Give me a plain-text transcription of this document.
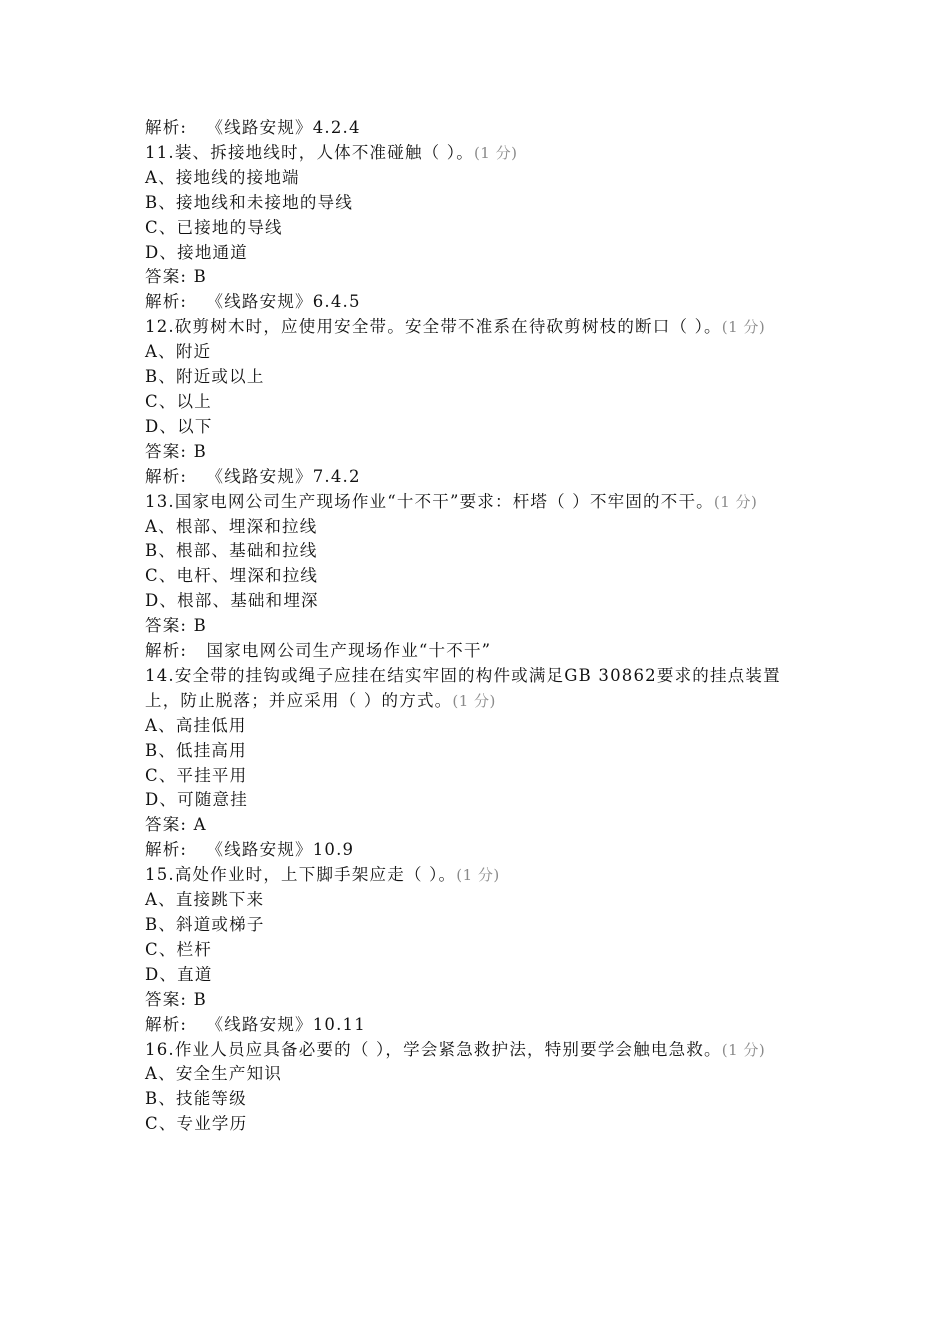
解析: 《线路安规》4.2.4
11.装、拆接地线时，人体不准碰触（ ）。(1 分)
A、接地线的接地端
B、接地线和未接地的导线
C、已接地的导线
D、接地通道
答案: B
解析: 《线路安规》6.4.5
12.砍剪树木时，应使用安全带。安全带不准系在待砍剪树枝的断口（ ）。(1 分)
A、附近
B、附近或以上
C、以上
D、以下
答案: B
解析: 《线路安规》7.4.2
13.国家电网公司生产现场作业“十不干”要求：杆塔（ ）不牢固的不干。(1 分)
A、根部、埋深和拉线
B、根部、基础和拉线
C、电杆、埋深和拉线
D、根部、基础和埋深
答案: B
解析: 国家电网公司生产现场作业“十不干”
14.安全带的挂钩或绳子应挂在结实牢固的构件或满足GB 30862要求的挂点装置上，防止脱落；并应采用（ ）的方式。(1 分)
A、高挂低用
B、低挂高用
C、平挂平用
D、可随意挂
答案: A
解析: 《线路安规》10.9
15.高处作业时，上下脚手架应走（ ）。(1 分)
A、直接跳下来
B、斜道或梯子
C、栏杆
D、直道
答案: B
解析: 《线路安规》10.11
16.作业人员应具备必要的（ ），学会紧急救护法，特别要学会触电急救。(1 分)
A、安全生产知识
B、技能等级
C、专业学历
